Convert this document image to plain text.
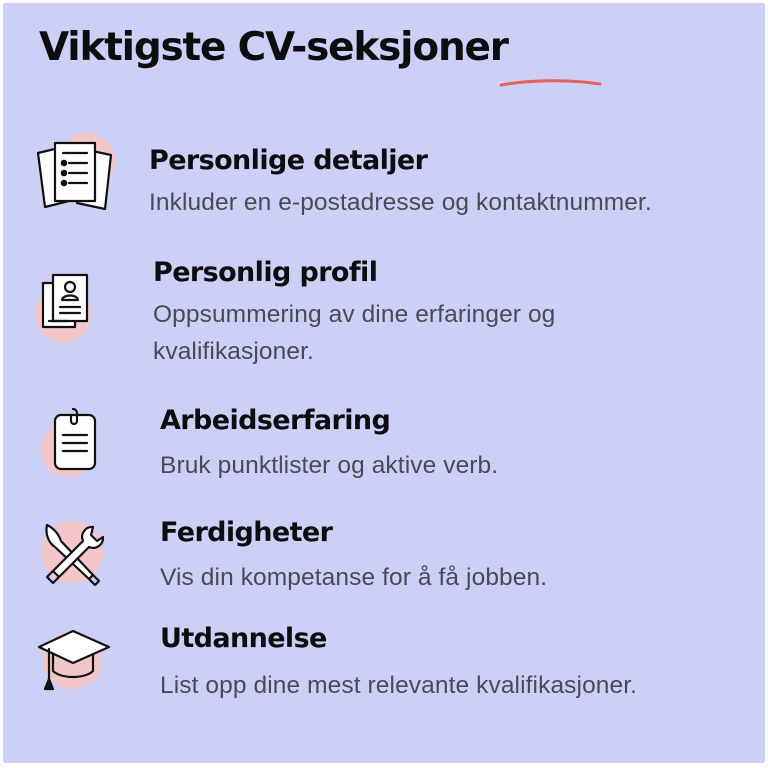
Viktigste CV-seksjoner
Personlige detaljer

Inkluder en e-postadresse og kontaktnummer.

Personlig profil

Oppsummering av dine erfaringer og kvalifikasjoner.

Arbeidserfaring

Bruk punktlister og aktive verb.

Ferdigheter

Vis din kompetanse for å få jobben.

Utdannelse

List opp dine mest relevante kvalifikasjoner.
